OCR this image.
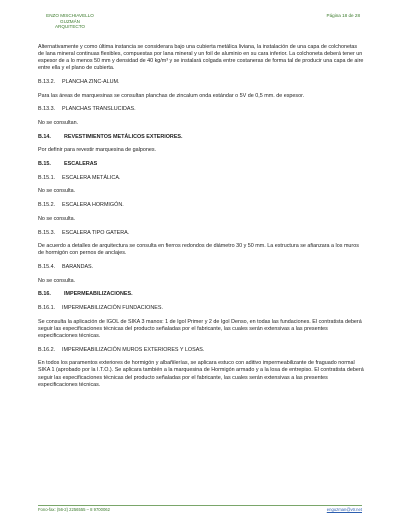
ENZO MISCHIAVELLO GUZMÁN
ARQUITECTO
Página 18 de 28

Alternativamente y como última instancia se considerara bajo una cubierta metálica liviana, la instalación de una capa de colchonetas de lana mineral continuas flexibles, compuestas por lana mineral y un foil de aluminio en su cara inferior. La colchoneta deberá tener un espesor de a lo menos 50 mm y densidad de 40 kg/m³ y se instalará colgada entre costaneras de forma tal de producir una capa de aire entre ella y el plano de cubierta.

B.13.2. PLANCHA ZINC-ALUM.

Para las áreas de marquesinas se consultan planchas de zincalum onda estándar o 5V de 0,5 mm. de espesor.

B.13.3. PLANCHAS TRANSLUCIDAS.

No se consultan.

B.14. REVESTIMIENTOS METÁLICOS EXTERIORES.

Por definir para revestir marquesina de galpones.

B.15. ESCALERAS

B.15.1. ESCALERA METÁLICA.

No se consulta.

B.15.2. ESCALERA HORMIGÓN.

No se consulta.

B.15.3. ESCALERA TIPO GATERA.

De acuerdo a detalles de arquitectura se consulta en fierros redondos de diámetro 30 y 50 mm. La estructura se afianzara a los muros de hormigón con pernos de anclajes.

B.15.4. BARANDAS.

No se consulta.

B.16. IMPERMEABILIZACIONES.

B.16.1. IMPERMEABILIZACIÓN FUNDACIONES.

Se consulta la aplicación de IGOL de SIKA 3 manos: 1 de Igol Primer y 2 de Igol Denso, en todas las fundaciones. El contratista deberá seguir las especificaciones técnicas del producto señaladas por el fabricante, las cuales serán extensivas a las presentes especificaciones técnicas.

B.16.2. IMPERMEABILIZACIÓN MUROS EXTERIORES Y LOSAS.

En todos los paramentos exteriores de hormigón y albañilerías, se aplicara estuco con aditivo impermeabilizante de fraguado normal SIKA 1 (aprobado por la I.T.O.). Se aplicara también a la marquesina de Hormigón armado y a la losa de entrepiso. El contratista deberá seguir las especificaciones técnicas del producto señaladas por el fabricante, las cuales serán extensivas a las presentes especificaciones técnicas.

Fono-fax: (56-2) 2256555 – 8 9700062	enguzman@vtr.net
